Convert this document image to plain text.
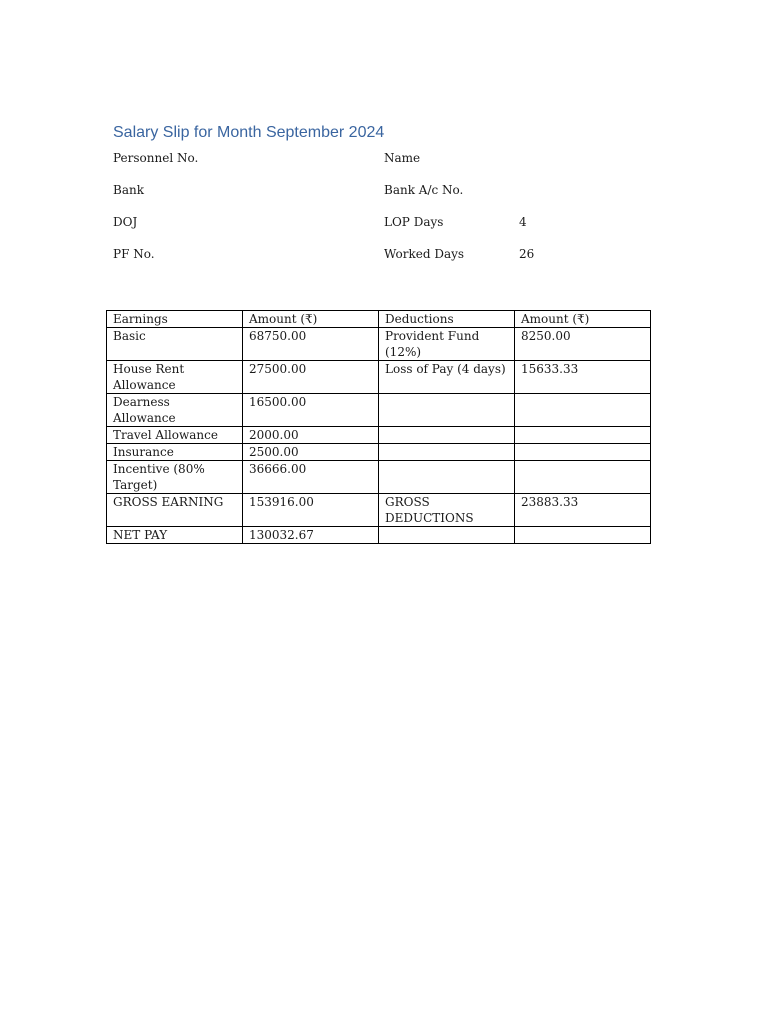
Salary Slip for Month September 2024
Personnel No.	Name
Bank	Bank A/c No.
DOJ	LOP Days	4
PF No.	Worked Days	26
Earnings	Amount (₹)	Deductions	Amount (₹)
Basic	68750.00	Provident Fund (12%)	8250.00
House Rent Allowance	27500.00	Loss of Pay (4 days)	15633.33
Dearness Allowance	16500.00		
Travel Allowance	2000.00		
Insurance	2500.00		
Incentive (80% Target)	36666.00		
GROSS EARNING	153916.00	GROSS DEDUCTIONS	23883.33
NET PAY	130032.67		
